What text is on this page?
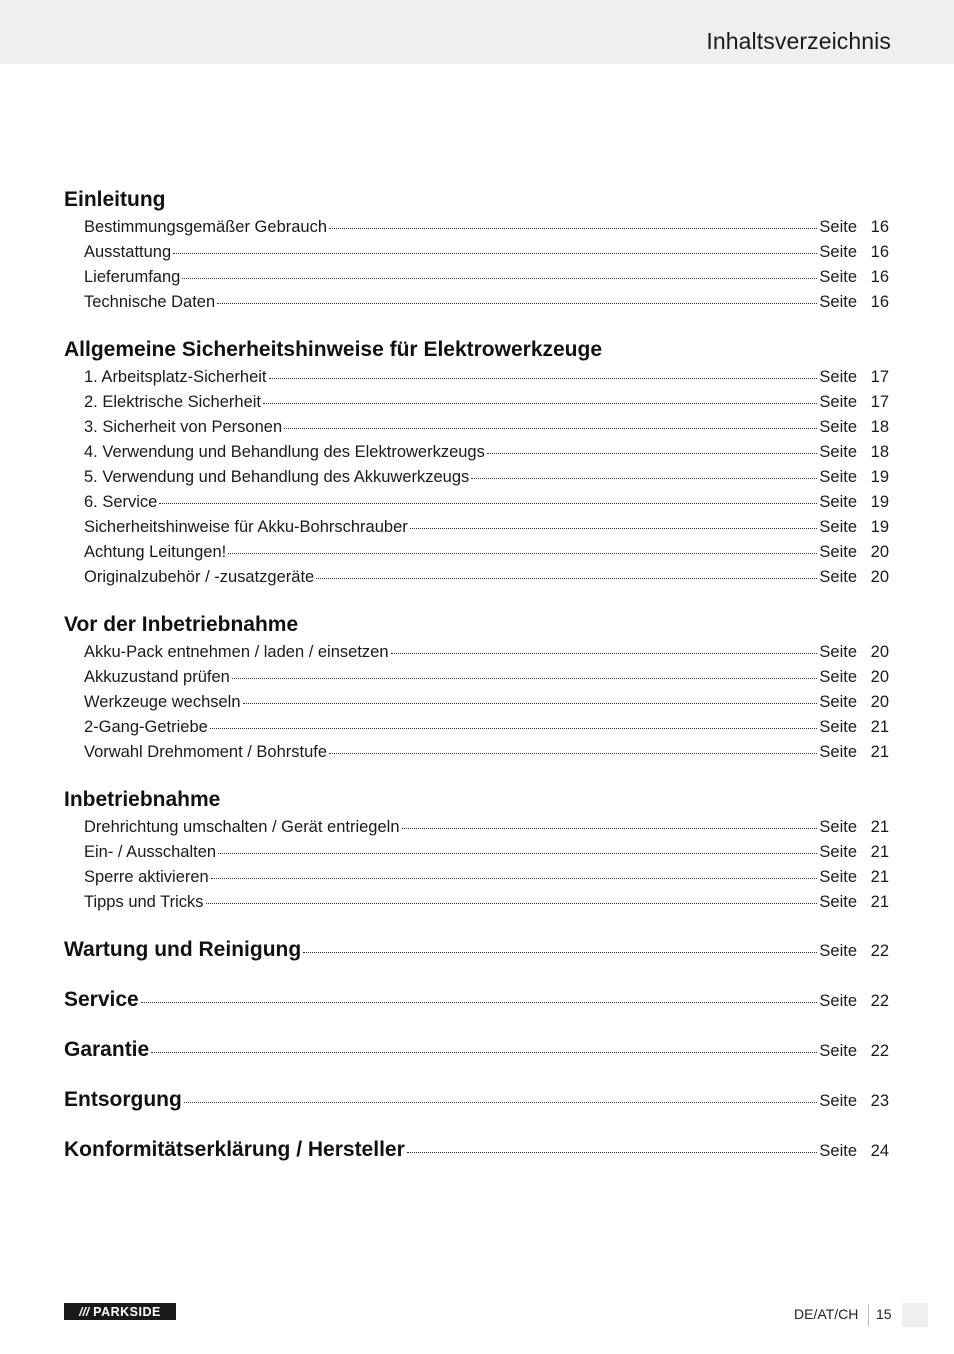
Inhaltsverzeichnis
Einleitung
Bestimmungsgemäßer Gebrauch	Seite 16
Ausstattung	Seite 16
Lieferumfang	Seite 16
Technische Daten	Seite 16
Allgemeine Sicherheitshinweise für Elektrowerkzeuge
1. Arbeitsplatz-Sicherheit	Seite 17
2. Elektrische Sicherheit	Seite 17
3. Sicherheit von Personen	Seite 18
4. Verwendung und Behandlung des Elektrowerkzeugs	Seite 18
5. Verwendung und Behandlung des Akkuwerkzeugs	Seite 19
6. Service	Seite 19
Sicherheitshinweise für Akku-Bohrschrauber	Seite 19
Achtung Leitungen!	Seite 20
Originalzubehör / -zusatzgeräte	Seite 20
Vor der Inbetriebnahme
Akku-Pack entnehmen / laden / einsetzen	Seite 20
Akkuzustand prüfen	Seite 20
Werkzeuge wechseln	Seite 20
2-Gang-Getriebe	Seite 21
Vorwahl Drehmoment / Bohrstufe	Seite 21
Inbetriebnahme
Drehrichtung umschalten / Gerät entriegeln	Seite 21
Ein- / Ausschalten	Seite 21
Sperre aktivieren	Seite 21
Tipps und Tricks	Seite 21
Wartung und Reinigung	Seite 22
Service	Seite 22
Garantie	Seite 22
Entsorgung	Seite 23
Konformitätserklärung / Hersteller	Seite 24
/// PARKSIDE	DE/AT/CH 15
